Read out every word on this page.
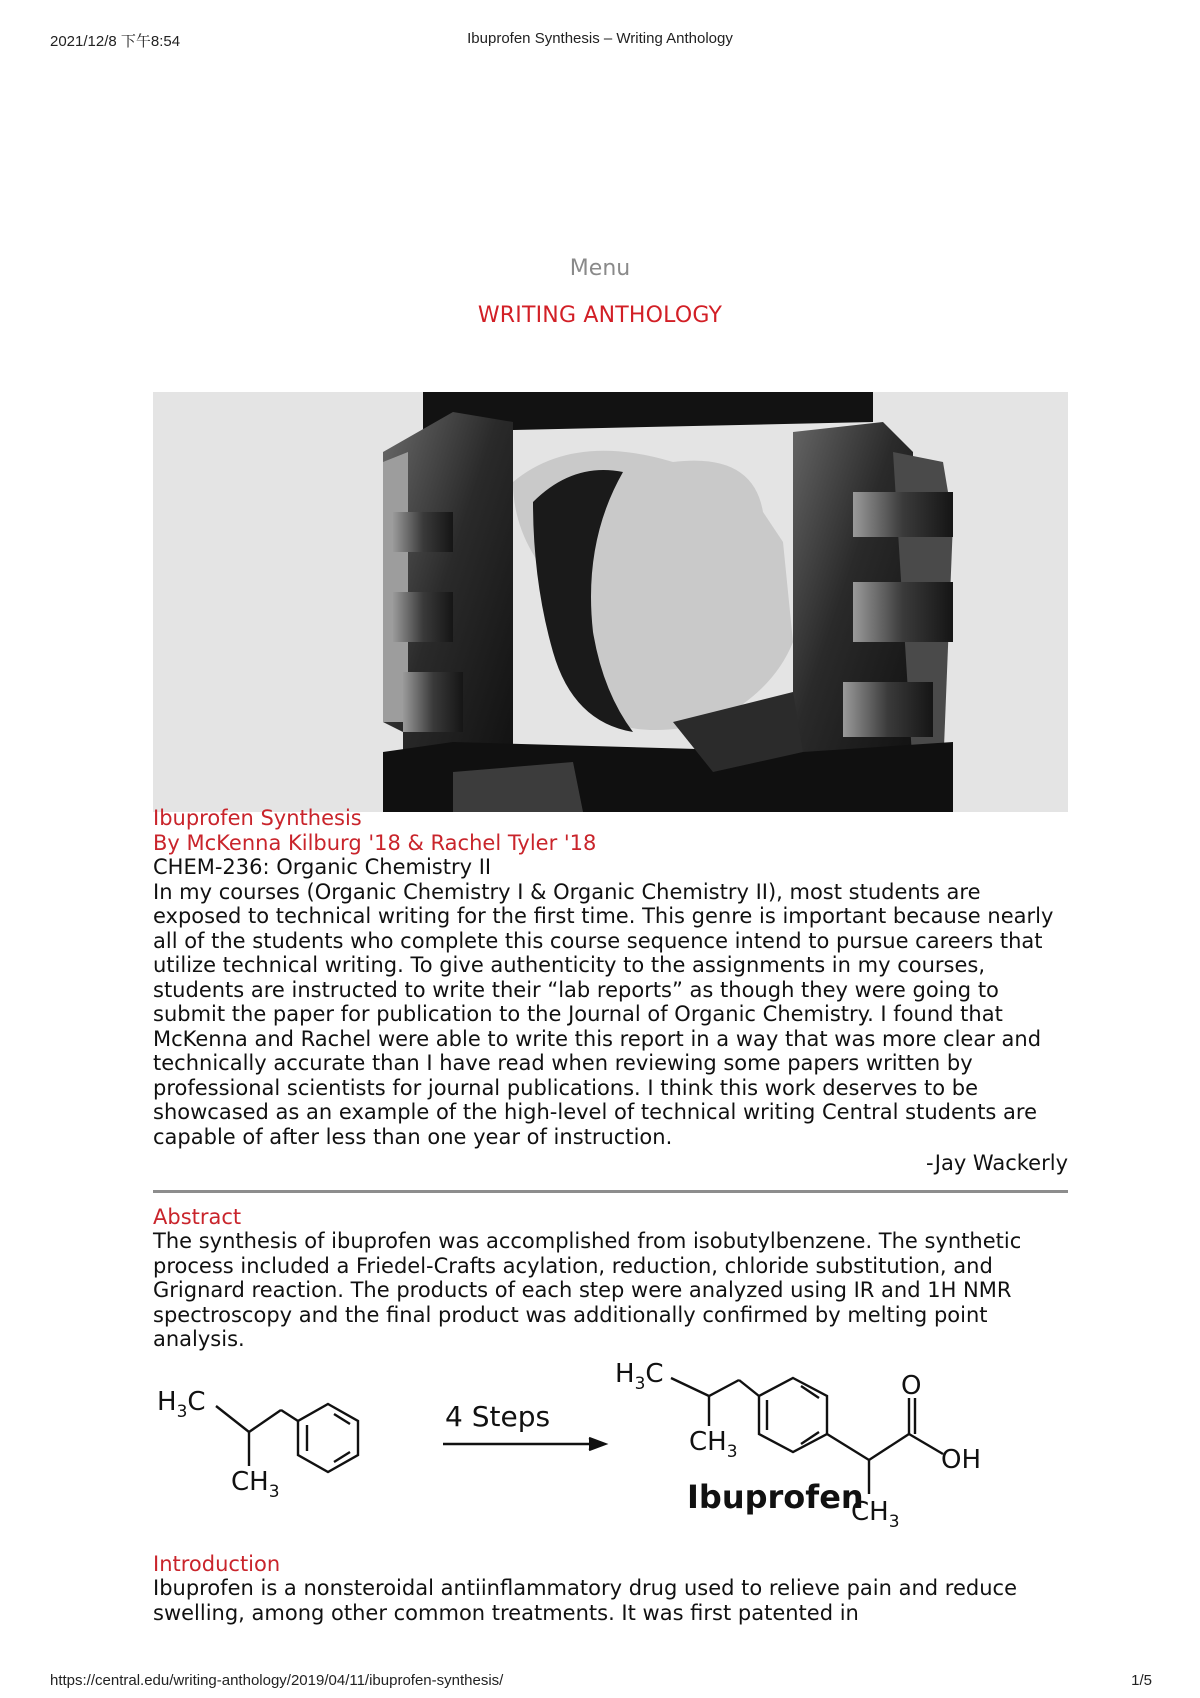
2021/12/8 下午8:54	Ibuprofen Synthesis – Writing Anthology
Menu
WRITING ANTHOLOGY
Ibuprofen Synthesis
By McKenna Kilburg '18 & Rachel Tyler '18
CHEM-236: Organic Chemistry II

In my courses (Organic Chemistry I & Organic Chemistry II), most students are exposed to technical writing for the first time. This genre is important because nearly all of the students who complete this course sequence intend to pursue careers that utilize technical writing. To give authenticity to the assignments in my courses, students are instructed to write their “lab reports” as though they were going to submit the paper for publication to the Journal of Organic Chemistry. I found that McKenna and Rachel were able to write this report in a way that was more clear and technically accurate than I have read when reviewing some papers written by professional scientists for journal publications. I think this work deserves to be showcased as an example of the high-level of technical writing Central students are capable of after less than one year of instruction.

-Jay Wackerly
Abstract

The synthesis of ibuprofen was accomplished from isobutylbenzene. The synthetic process included a Friedel-Crafts acylation, reduction, chloride substitution, and Grignard reaction. The products of each step were analyzed using IR and 1H NMR spectroscopy and the final product was additionally confirmed by melting point analysis.

$H_3C$
$CH_3$
4 Steps
$H_3C$
$CH_3$
O
OH
$CH_3$
Ibuprofen
Introduction

Ibuprofen is a nonsteroidal antiinflammatory drug used to relieve pain and reduce swelling, among other common treatments. It was first patented in

https://central.edu/writing-anthology/2019/04/11/ibuprofen-synthesis/	1/5
